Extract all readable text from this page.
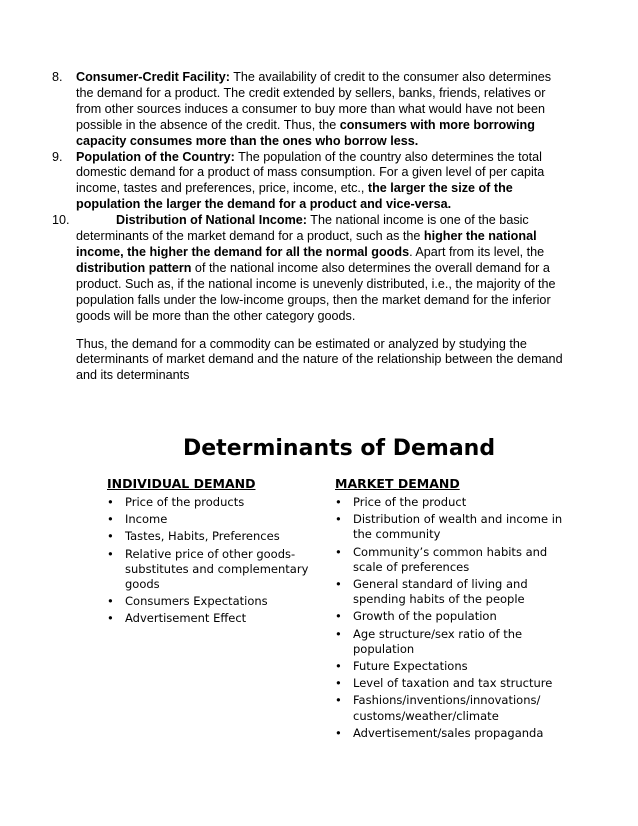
8. Consumer-Credit Facility: The availability of credit to the consumer also determines the demand for a product. The credit extended by sellers, banks, friends, relatives or from other sources induces a consumer to buy more than what would have not been possible in the absence of the credit. Thus, the consumers with more borrowing capacity consumes more than the ones who borrow less.

9. Population of the Country: The population of the country also determines the total domestic demand for a product of mass consumption. For a given level of per capita income, tastes and preferences, price, income, etc., the larger the size of the population the larger the demand for a product and vice-versa.

10.	Distribution of National Income: The national income is one of the basic determinants of the market demand for a product, such as the higher the national income, the higher the demand for all the normal goods. Apart from its level, the distribution pattern of the national income also determines the overall demand for a product. Such as, if the national income is unevenly distributed, i.e., the majority of the population falls under the low-income groups, then the market demand for the inferior goods will be more than the other category goods.

Thus, the demand for a commodity can be estimated or analyzed by studying the determinants of market demand and the nature of the relationship between the demand and its determinants

Determinants of Demand

INDIVIDUAL DEMAND

• Price of the products
• Income
• Tastes, Habits, Preferences
• Relative price of other goods- substitutes and complementary goods
• Consumers Expectations
• Advertisement Effect

MARKET DEMAND

• Price of the product
• Distribution of wealth and income in the community
• Community’s common habits and scale of preferences
• General standard of living and spending habits of the people
• Growth of the population
• Age structure/sex ratio of the population
• Future Expectations
• Level of taxation and tax structure
• Fashions/inventions/innovations/ customs/weather/climate
• Advertisement/sales propaganda
